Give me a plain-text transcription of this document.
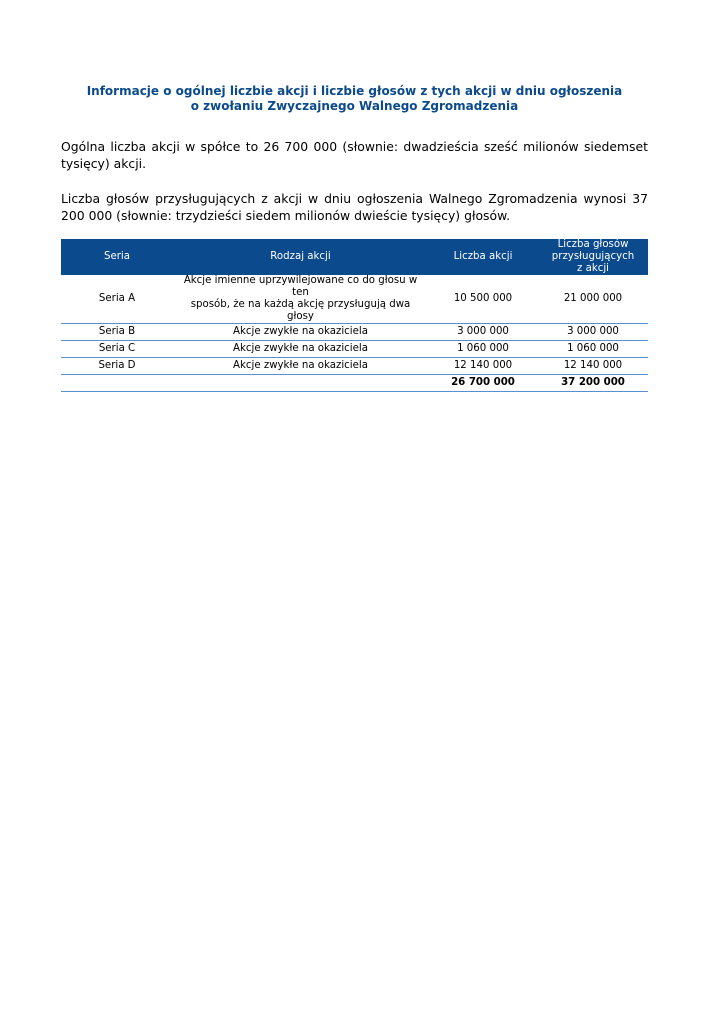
Informacje o ogólnej liczbie akcji i liczbie głosów z tych akcji w dniu ogłoszenia
o zwołaniu Zwyczajnego Walnego Zgromadzenia

Ogólna liczba akcji w spółce to 26 700 000 (słownie: dwadzieścia sześć milionów siedemset tysięcy) akcji.

Liczba głosów przysługujących z akcji w dniu ogłoszenia Walnego Zgromadzenia wynosi 37 200 000 (słownie: trzydzieści siedem milionów dwieście tysięcy) głosów.

Seria	Rodzaj akcji	Liczba akcji	Liczba głosów
przysługujących
z akcji
Seria A	Akcje imienne uprzywilejowane co do głosu w ten
sposób, że na każdą akcję przysługują dwa głosy	10 500 000	21 000 000
Seria B	Akcje zwykłe na okaziciela	3 000 000	3 000 000
Seria C	Akcje zwykłe na okaziciela	1 060 000	1 060 000
Seria D	Akcje zwykłe na okaziciela	12 140 000	12 140 000
		26 700 000	37 200 000
